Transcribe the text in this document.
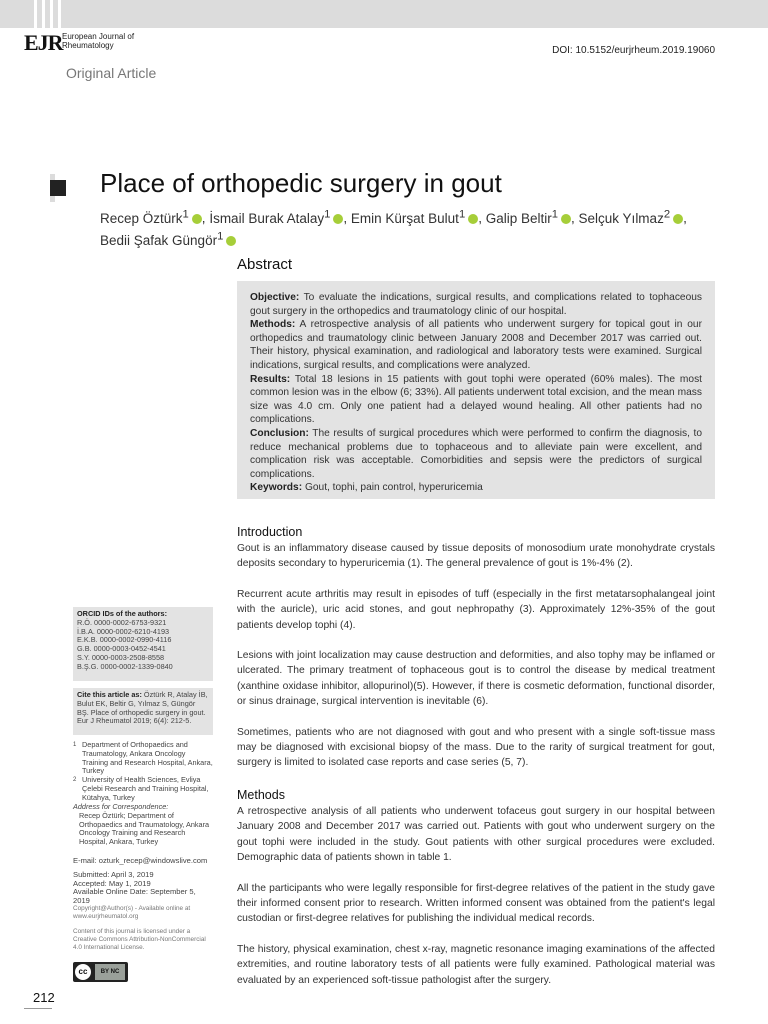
EJR European Journal of
Rheumatology	DOI: 10.5152/eurjrheum.2019.19060
Original Article
Place of orthopedic surgery in gout
Recep Öztürk$^1$ , İsmail Burak Atalay$^1$ , Emin Kürşat Bulut$^1$ , Galip Beltir$^1$ , Selçuk Yılmaz$^2$ ,
Bedii Şafak Güngör$^1$
Abstract
Objective: To evaluate the indications, surgical results, and complications related to tophaceous gout surgery in the orthopedics and traumatology clinic of our hospital.
Methods: A retrospective analysis of all patients who underwent surgery for topical gout in our orthopedics and traumatology clinic between January 2008 and December 2017 was carried out. Their history, physical examination, and radiological and laboratory tests were examined. Surgical indications, surgical results, and complications were analyzed.
Results: Total 18 lesions in 15 patients with gout tophi were operated (60% males). The most common lesion was in the elbow (6; 33%). All patients underwent total excision, and the mean mass size was 4.0 cm. Only one patient had a delayed wound healing. All other patients had no complications.
Conclusion: The results of surgical procedures which were performed to confirm the diagnosis, to reduce mechanical problems due to tophaceous and to alleviate pain were excellent, and complication risk was acceptable. Comorbidities and sepsis were the predictors of surgical complications.
Keywords: Gout, tophi, pain control, hyperuricemia
Introduction

Gout is an inflammatory disease caused by tissue deposits of monosodium urate monohydrate crystals deposits secondary to hyperuricemia (1). The general prevalence of gout is 1%-4% (2).

Recurrent acute arthritis may result in episodes of tuff (especially in the first metatarsophalangeal joint with the auricle), uric acid stones, and gout nephropathy (3). Approximately 12%-35% of the gout patients develop tophi (4).

Lesions with joint localization may cause destruction and deformities, and also tophy may be inflamed or ulcerated. The primary treatment of tophaceous gout is to control the disease by medical treatment (xanthine oxidase inhibitor, allopurinol)(5). However, if there is cosmetic deformation, functional disorder, or sinus drainage, surgical intervention is inevitable (6).

Sometimes, patients who are not diagnosed with gout and who present with a single soft-tissue mass may be diagnosed with excisional biopsy of the mass. Due to the rarity of surgical treatment for gout, surgery is limited to isolated case reports and case series (5, 7).

Methods

A retrospective analysis of all patients who underwent tofaceus gout surgery in our hospital between January 2008 and December 2017 was carried out. Patients with gout who underwent surgery on the gout tophi were included in the study. Gout patients with other surgical procedures were excluded. Demographic data of patients shown in table 1.

All the participants who were legally responsible for first-degree relatives of the patient in the study gave their informed consent prior to research. Written informed consent was obtained from the patient's legal custodian or first-degree relatives for publishing the individual medical records.

The history, physical examination, chest x-ray, magnetic resonance imaging examinations of the affected extremities, and routine laboratory tests of all patients were fully examined. Pathological material was evaluated by an experienced soft-tissue pathologist after the surgery.

ORCID IDs of the authors:
R.Ö. 0000-0002-6753-9321
İ.B.A. 0000-0002-6210-4193
E.K.B. 0000-0002-0990-4116
G.B. 0000-0003-0452-4541
S.Y. 0000-0003-2508-8558
B.Ş.G. 0000-0002-1339-0840
Cite this article as: Öztürk R, Atalay İB, Bulut EK, Beltir G, Yılmaz S, Güngör BŞ. Place of orthopedic surgery in gout. Eur J Rheumatol 2019; 6(4): 212-5.
1 Department of Orthopaedics and Traumatology, Ankara Oncology Training and Research Hospital, Ankara, Turkey
2 University of Health Sciences, Evliya Çelebi Research and Training Hospital, Kütahya, Turkey
Address for Correspondence:
Recep Öztürk; Department of Orthopaedics and Traumatology, Ankara Oncology Training and Research Hospital, Ankara, Turkey
E-mail: ozturk_recep@windowslive.com
Submitted: April 3, 2019
Accepted: May 1, 2019
Available Online Date: September 5, 2019
Copyright@Author(s) - Available online at www.eurjrheumatol.org
Content of this journal is licensed under a Creative Commons Attribution-NonCommercial 4.0 International License.
cc	BY NC
212
